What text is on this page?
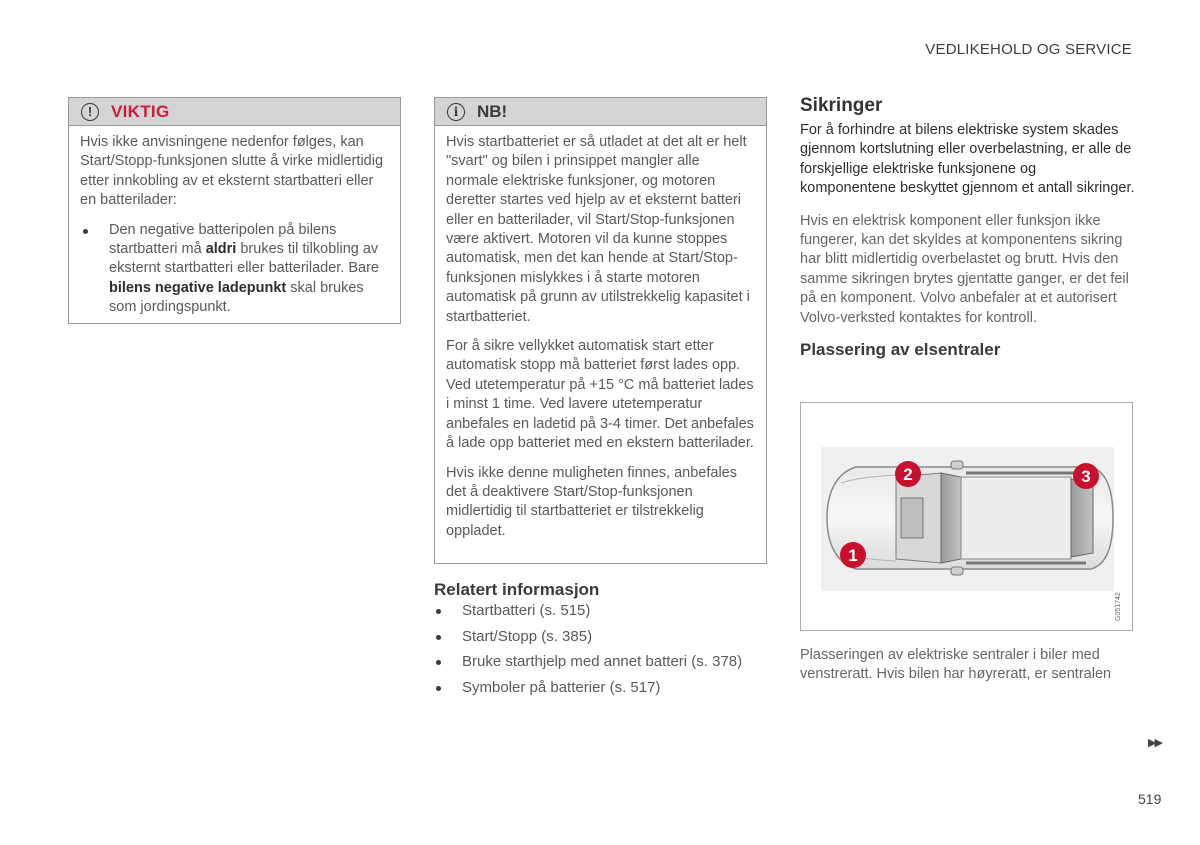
VEDLIKEHOLD OG SERVICE
!	VIKTIG

Hvis ikke anvisningene nedenfor følges, kan Start/Stopp-funksjonen slutte å virke midlertidig etter innkobling av et eksternt startbatteri eller en batterilader:

Den negative batteripolen på bilens startbatteri må aldri brukes til tilkobling av eksternt startbatteri eller batterilader. Bare bilens negative ladepunkt skal brukes som jordingspunkt.
i	NB!

Hvis startbatteriet er så utladet at det alt er helt "svart" og bilen i prinsippet mangler alle normale elektriske funksjoner, og motoren deretter startes ved hjelp av et eksternt batteri eller en batterilader, vil Start/Stop-funksjonen være aktivert. Motoren vil da kunne stoppes automatisk, men det kan hende at Start/Stop-funksjonen mislykkes i å starte motoren automatisk på grunn av utilstrekkelig kapasitet i startbatteriet.

For å sikre vellykket automatisk start etter automatisk stopp må batteriet først lades opp. Ved utetemperatur på +15 °C må batteriet lades i minst 1 time. Ved lavere utetemperatur anbefales en ladetid på 3-4 timer. Det anbefales å lade opp batteriet med en ekstern batterilader.

Hvis ikke denne muligheten finnes, anbefales det å deaktivere Start/Stop-funksjonen midlertidig til startbatteriet er tilstrekkelig oppladet.

Relatert informasjon
Startbatteri (s. 515)
Start/Stopp (s. 385)
Bruke starthjelp med annet batteri (s. 378)
Symboler på batterier (s. 517)
Sikringer

For å forhindre at bilens elektriske system skades gjennom kortslutning eller overbelastning, er alle de forskjellige elektriske funksjonene og komponentene beskyttet gjennom et antall sikringer.

Hvis en elektrisk komponent eller funksjon ikke fungerer, kan det skyldes at komponentens sikring har blitt midlertidig overbelastet og brutt. Hvis den samme sikringen brytes gjentatte ganger, er det feil på en komponent. Volvo anbefaler at et autorisert Volvo-verksted kontaktes for kontroll.

Plassering av elsentraler
1
2	3
G051742

Plasseringen av elektriske sentraler i biler med venstreratt. Hvis bilen har høyreratt, er sentralen

▶▶
519
